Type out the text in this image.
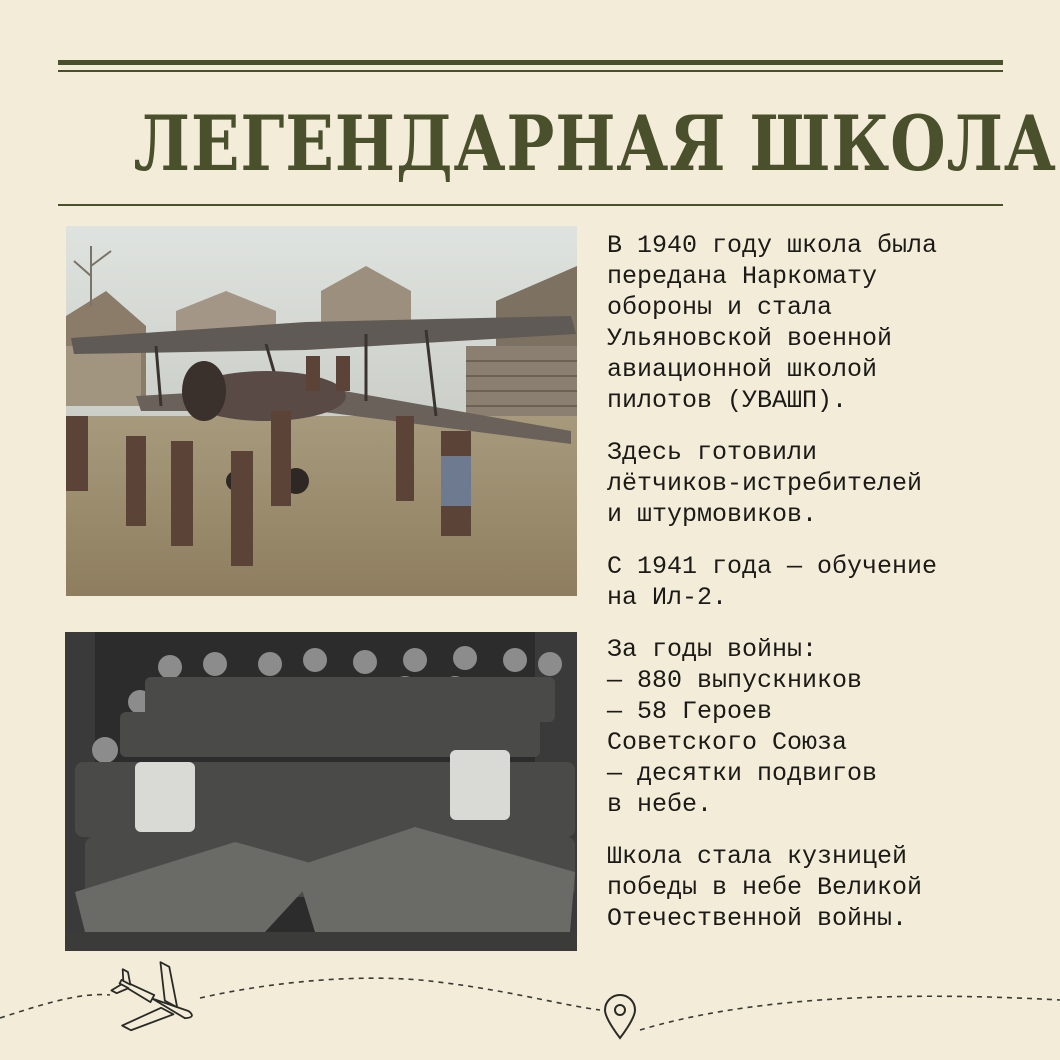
ЛЕГЕНДАРНАЯ ШКОЛА

В 1940 году школа была
передана Наркомату
обороны и стала
Ульяновской военной
авиационной школой
пилотов (УВАШП).

Здесь готовили
лётчиков-истребителей
и штурмовиков.

С 1941 года — обучение
на Ил-2.

За годы войны:
— 880 выпускников
— 58 Героев
Советского Союза
— десятки подвигов
в небе.

Школа стала кузницей
победы в небе Великой
Отечественной войны.
